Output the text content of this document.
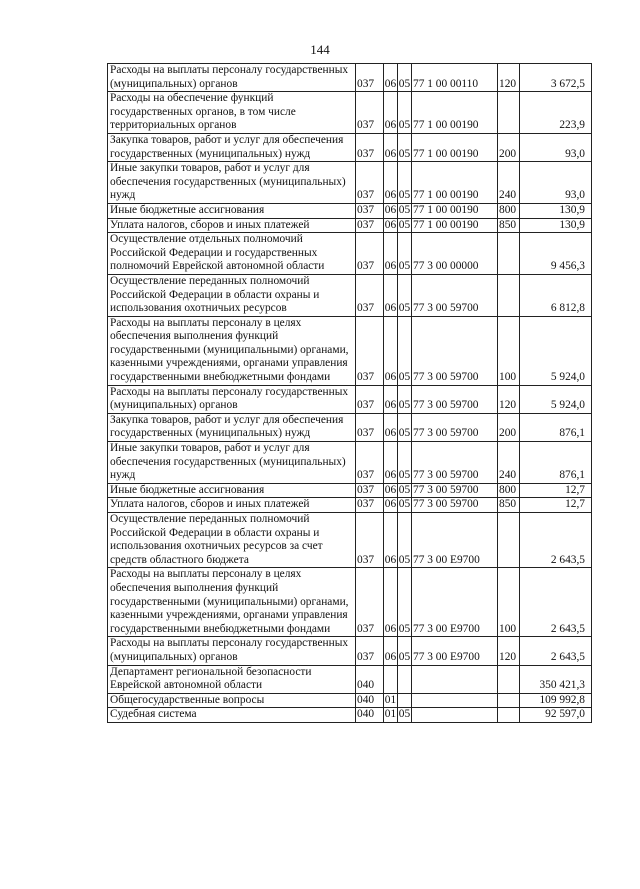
144
Расходы на выплаты персоналу государственных (муниципальных) органов	037	06	05	77 1 00 00110	120	3 672,5
Расходы на обеспечение функций государственных органов, в том числе территориальных органов	037	06	05	77 1 00 00190		223,9
Закупка товаров, работ и услуг для обеспечения государственных (муниципальных) нужд	037	06	05	77 1 00 00190	200	93,0
Иные закупки товаров, работ и услуг для обеспечения государственных (муниципальных) нужд	037	06	05	77 1 00 00190	240	93,0
Иные бюджетные ассигнования	037	06	05	77 1 00 00190	800	130,9
Уплата налогов, сборов и иных платежей	037	06	05	77 1 00 00190	850	130,9
Осуществление отдельных полномочий Российской Федерации и государственных полномочий Еврейской автономной области	037	06	05	77 3 00 00000		9 456,3
Осуществление переданных полномочий Российской Федерации в области охраны и использования охотничьих ресурсов	037	06	05	77 3 00 59700		6 812,8
Расходы на выплаты персоналу в целях обеспечения выполнения функций государственными (муниципальными) органами, казенными учреждениями, органами управления государственными внебюджетными фондами	037	06	05	77 3 00 59700	100	5 924,0
Расходы на выплаты персоналу государственных (муниципальных) органов	037	06	05	77 3 00 59700	120	5 924,0
Закупка товаров, работ и услуг для обеспечения государственных (муниципальных) нужд	037	06	05	77 3 00 59700	200	876,1
Иные закупки товаров, работ и услуг для обеспечения государственных (муниципальных) нужд	037	06	05	77 3 00 59700	240	876,1
Иные бюджетные ассигнования	037	06	05	77 3 00 59700	800	12,7
Уплата налогов, сборов и иных платежей	037	06	05	77 3 00 59700	850	12,7
Осуществление переданных полномочий Российской Федерации в области охраны и использования охотничьих ресурсов за счет средств областного бюджета	037	06	05	77 3 00 Е9700		2 643,5
Расходы на выплаты персоналу в целях обеспечения выполнения функций государственными (муниципальными) органами, казенными учреждениями, органами управления государственными внебюджетными фондами	037	06	05	77 3 00 Е9700	100	2 643,5
Расходы на выплаты персоналу государственных (муниципальных) органов	037	06	05	77 3 00 Е9700	120	2 643,5
Департамент региональной безопасности Еврейской автономной области	040					350 421,3
Общегосударственные вопросы	040	01				109 992,8
Судебная система	040	01	05			92 597,0
